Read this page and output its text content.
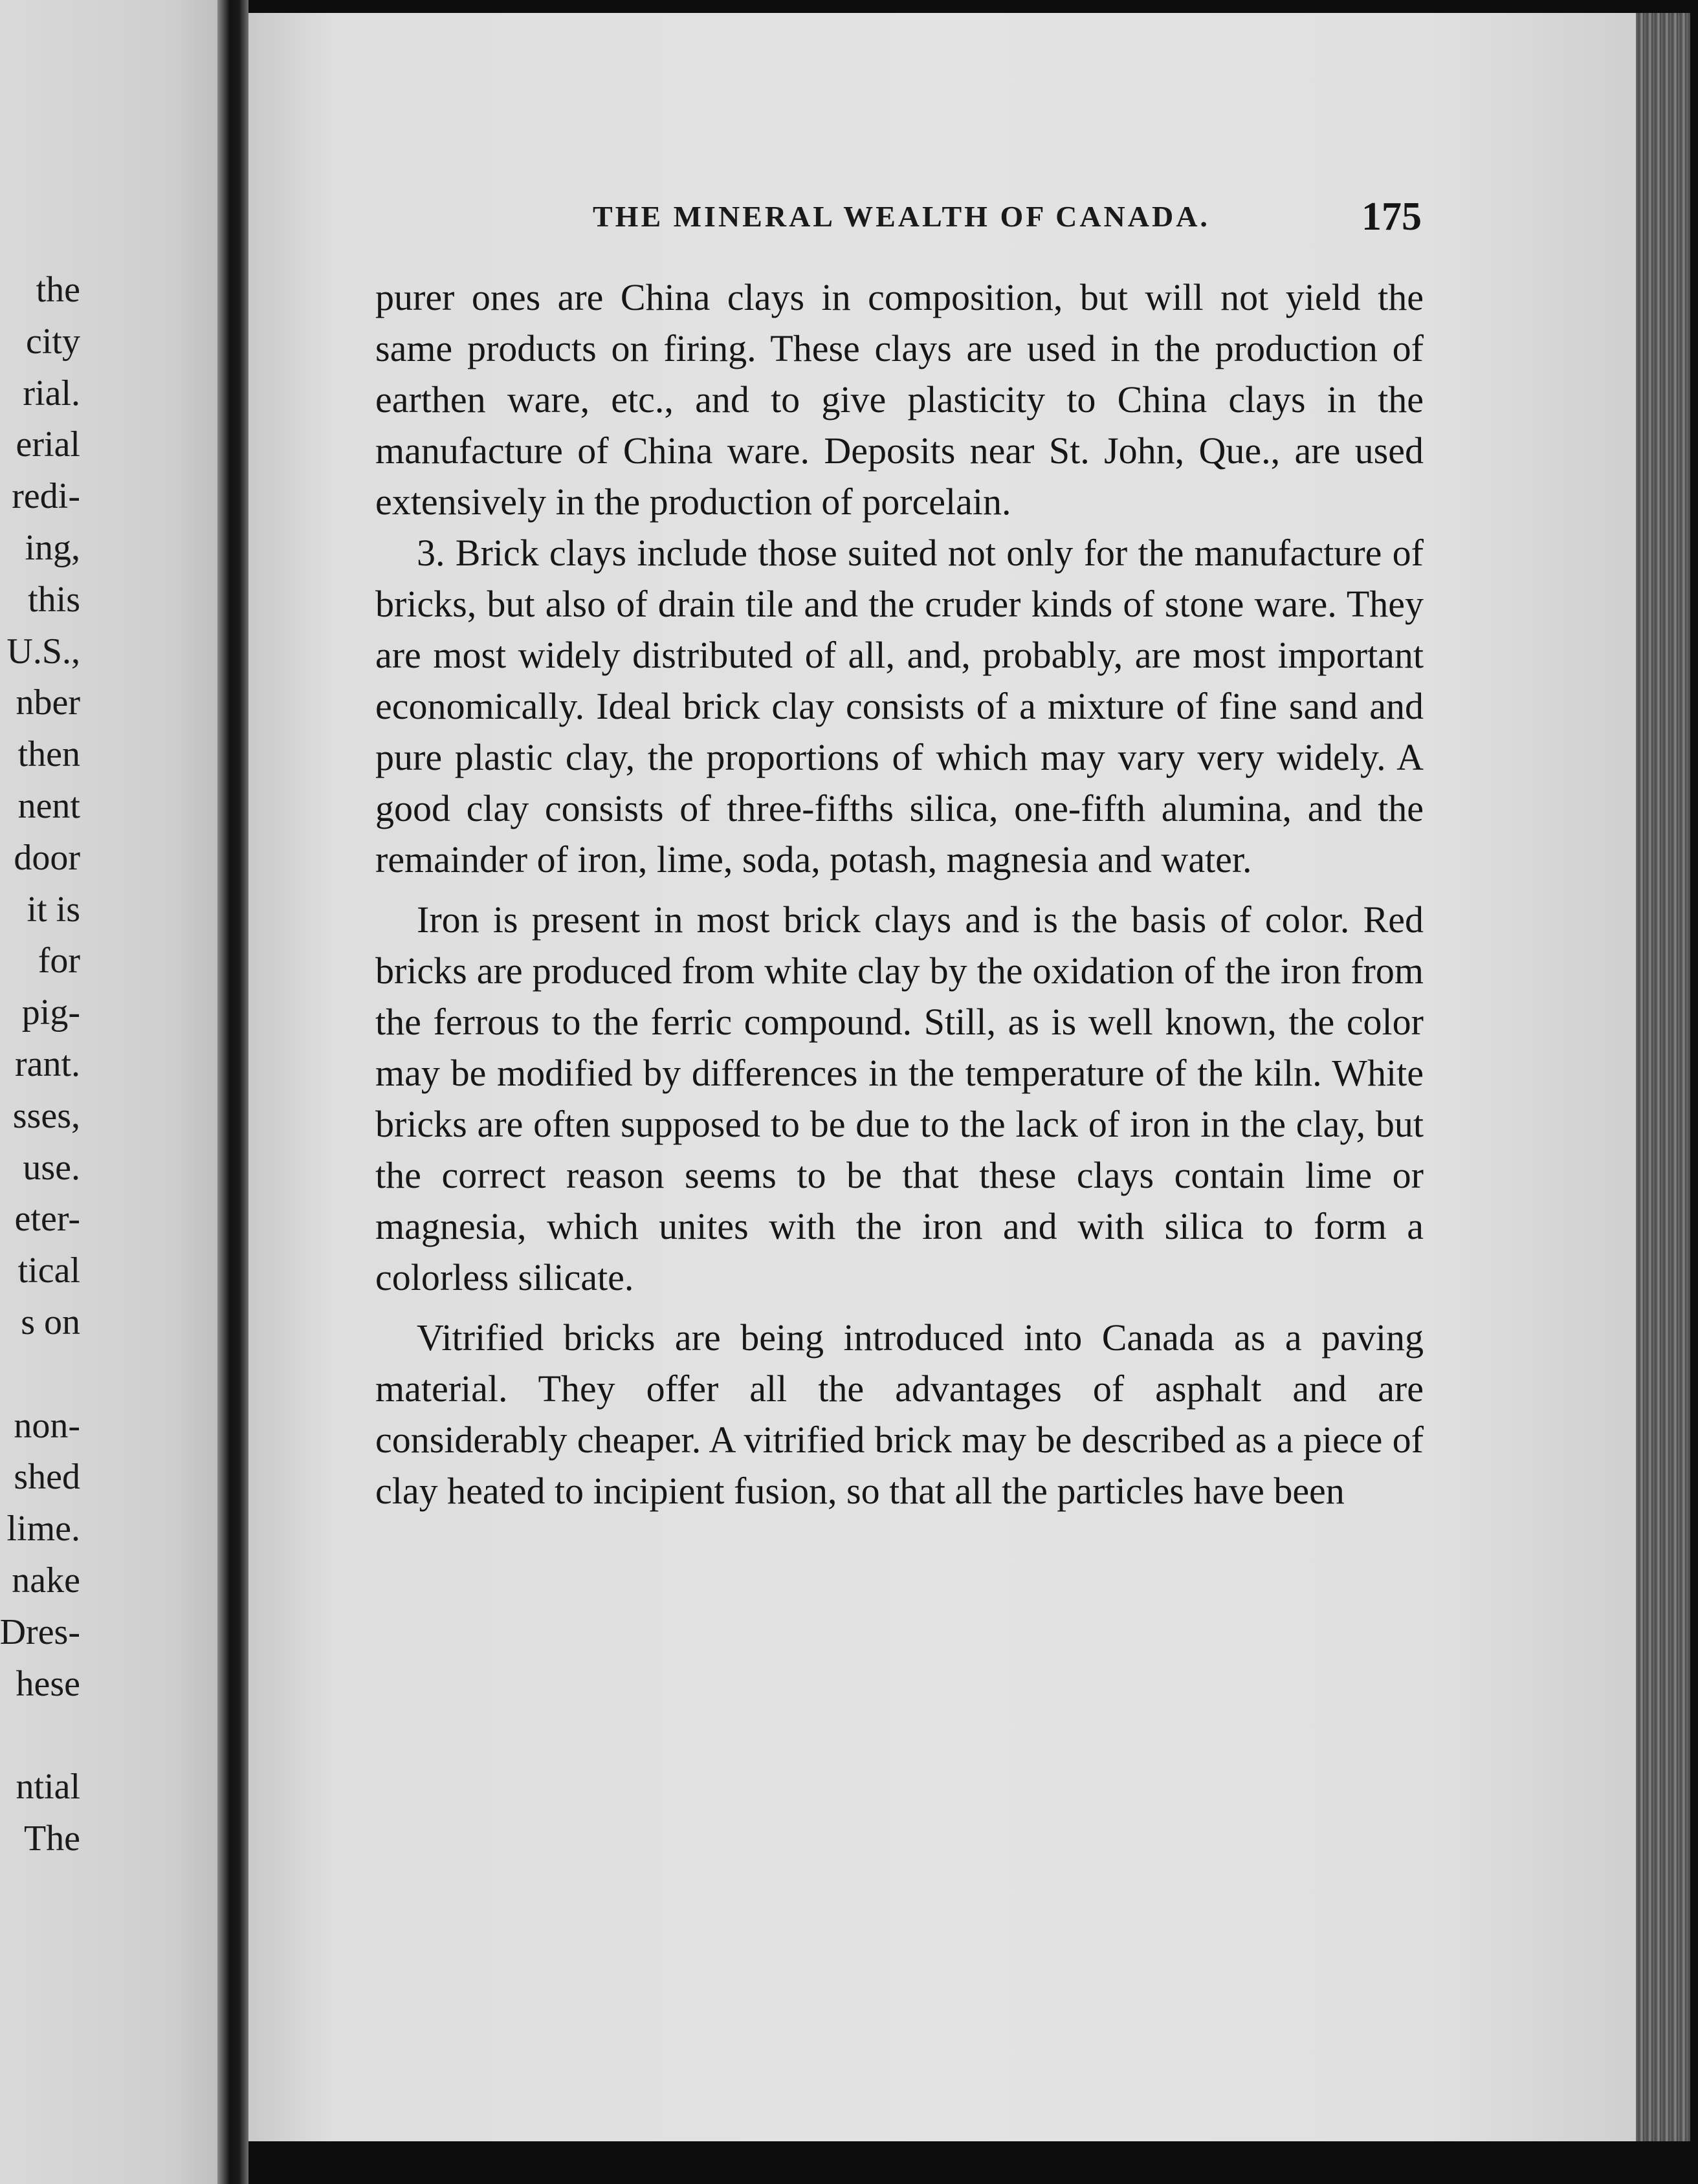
the
city
rial.
erial
redi-
ing,
this
U.S.,
nber
then
nent
door
it is
for
pig-
rant.
sses,
use.
eter-
tical
s on
non-
shed
lime.
nake
Dres-
hese
ntial
The
THE MINERAL WEALTH OF CANADA.	175

purer ones are China clays in composition, but will not yield the same products on firing. These clays are used in the production of earthen ware, etc., and to give plasticity to China clays in the manufacture of China ware. Deposits near St. John, Que., are used extensively in the production of porcelain.

3. Brick clays include those suited not only for the manufacture of bricks, but also of drain tile and the cruder kinds of stone ware. They are most widely distributed of all, and, probably, are most important economically. Ideal brick clay consists of a mixture of fine sand and pure plastic clay, the proportions of which may vary very widely. A good clay consists of three-fifths silica, one-fifth alumina, and the remainder of iron, lime, soda, potash, magnesia and water.

Iron is present in most brick clays and is the basis of color. Red bricks are produced from white clay by the oxidation of the iron from the ferrous to the ferric compound. Still, as is well known, the color may be modified by differences in the temperature of the kiln. White bricks are often supposed to be due to the lack of iron in the clay, but the correct reason seems to be that these clays contain lime or magnesia, which unites with the iron and with silica to form a colorless silicate.

Vitrified bricks are being introduced into Canada as a paving material. They offer all the advantages of asphalt and are considerably cheaper. A vitrified brick may be described as a piece of clay heated to incipient fusion, so that all the particles have been
